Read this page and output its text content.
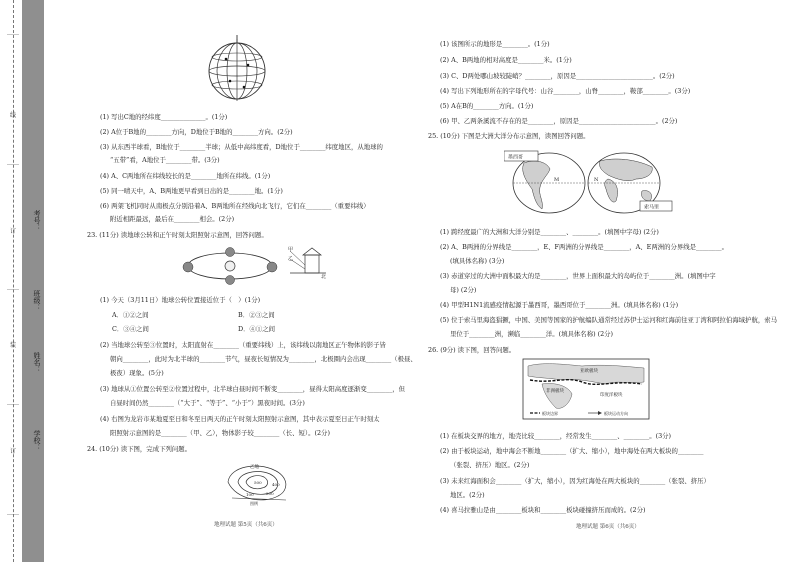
……
线
……
订
……
装
……
订
……
考号：
班级：
姓名：
学校：
(1) 写出C地的经纬度______________。(1分)
(2) A位于B地的________方向，D地位于B地的________方向。(2分)
(3) 从东西半球看，B地位于________半球；从低中高纬度看，D地位于________纬度地区，从地球的
“五带”看，A地位于________带。(3分)
(4) A、C两地所在纬线较长的是________地所在纬线。(1分)
(5) 同一晴天中，A、B两地更早看到日出的是________地。(1分)
(6) 两架飞机同时从南极点分别沿着A、B两地所在经线向北飞行，它们在________（重要纬线）
附近相距最远，最后在________相会。(2分)
23. (11分) 读地球公转和正午时刻太阳照射示意图，回答问题。
甲
乙
北
(1) 今天（3月11日）地球公转位置接近位于（　）(1分)
A．①②之间	B．②③之间
C．③④之间	D．④①之间
(2) 当地球公转至③位置时，太阳直射在________（重要纬线）上，该纬线以南地区正午物体的影子皆
朝向________，此时为北半球的________节气，昼夜长短情况为________，北极圈内会出现________（极昼、
极夜）现象。(5分)
(3) 地球从①位置公转至②位置过程中，北半球白昼时间不断变________，昼得太阳高度逐渐变________，但
自昼时间仍然________（“大于”、“等于”、“小于”）黑夜时间。(3分)
(4) 右图为龙岩市某地夏至日和冬至日两天的正午时刻太阳照射示意图，其中表示夏至日正午时刻太
阳照射示意图的是________（甲、乙），物体影子较________（长、短）。(2分)
24. (10分) 读下图，完成下列问题。
乙地
400
200
100
500
图例
地理试题 第5页（共6页）
(1) 该图所示的地形是________。(1分)
(2) A、B两地的相对高度是________米。(1分)
(3) C、D两处哪山坡较陡峭？________，原因是________________________。(2分)
(4) 写出下列地形所在的字母代号：山谷________，山脊________，鞍部________。(3分)
(5) A在B的________方向。(1分)
(6) 甲、乙两条溪流不存在的是________，原因是________________________。(2分)
25. (10分) 下图是大洲大洋分布示意图，读图回答问题。
墨西哥
索马里
M	N
(1) 跨经度最广的大洲和大洋分别是________、________。(填图中字母) (2分)
(2) A、B两洲的分界线是________，E、F两洲的分界线是________，A、E两洲的分界线是________。
(填具体名称) (3分)
(3) 赤道穿过的大洲中面积最大的是________，世界上面积最大的岛屿位于________洲。(填图中字
母) (2分)
(4) 甲型H1N1流感疫情起源于墨西哥，墨西哥位于________洲。(填具体名称) (1分)
(5) 位于索马里海盗猖獗，中国、美国等国家的护航编队通常经过苏伊士运河和红海前往亚丁湾和阿拉伯海域护航，索马
里位于________洲，濒临________洋。(填具体名称) (2分)
26. (9分) 读下图，回答问题。
亚欧板块
非洲板块
印度洋板块
板块边界	板块运动方向
(1) 在板块交界的地方，地壳比较________，经常发生________、________。(3分)
(2) 由于板块运动，地中海会不断地________（扩大、缩小），地中海处在两大板块的________
（张裂、挤压）地区。(2分)
(3) 未来红海面积会________（扩大，缩小），因为红海处在两大板块的________（张裂、挤压）
地区。(2分)
(4) 喜马拉雅山是由________板块和________板块碰撞挤压而成的。(2分)
地理试题 第6页（共6页）
